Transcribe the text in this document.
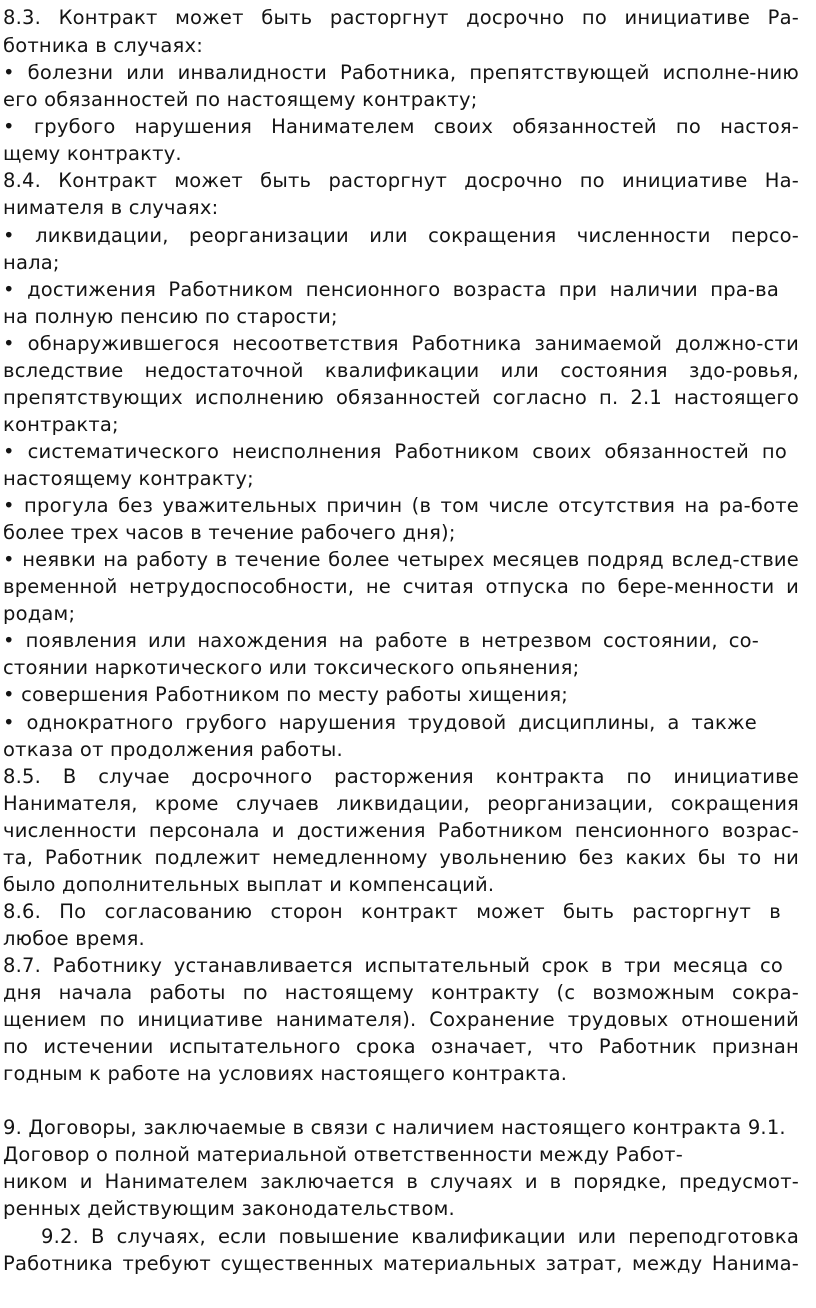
8.3. Контракт может быть расторгнут досрочно по инициативе Ра-
ботника в случаях:
• болезни или инвалидности Работника, препятствующей исполне-нию
его обязанностей по настоящему контракту;
• грубого нарушения Нанимателем своих обязанностей по настоя-
щему контракту.
8.4. Контракт может быть расторгнут досрочно по инициативе На-
нимателя в случаях:
• ликвидации, реорганизации или сокращения численности персо-
нала;
• достижения Работником пенсионного возраста при наличии пра-ва
на полную пенсию по старости;
• обнаружившегося несоответствия Работника занимаемой должно-сти
вследствие недостаточной квалификации или состояния здо-ровья,
препятствующих исполнению обязанностей согласно п. 2.1 настоящего
контракта;
• систематического неисполнения Работником своих обязанностей по
настоящему контракту;
• прогула без уважительных причин (в том числе отсутствия на ра-боте
более трех часов в течение рабочего дня);
• неявки на работу в течение более четырех месяцев подряд вслед-ствие
временной нетрудоспособности, не считая отпуска по бере-менности и
родам;
• появления или нахождения на работе в нетрезвом состоянии, со-
стоянии наркотического или токсического опьянения;
• совершения Работником по месту работы хищения;
• однократного грубого нарушения трудовой дисциплины, а также
отказа от продолжения работы.
8.5. В случае досрочного расторжения контракта по инициативе
Нанимателя, кроме случаев ликвидации, реорганизации, сокращения
численности персонала и достижения Работником пенсионного возрас-
та, Работник подлежит немедленному увольнению без каких бы то ни
было дополнительных выплат и компенсаций.
8.6. По согласованию сторон контракт может быть расторгнут в
любое время.
8.7. Работнику устанавливается испытательный срок в три месяца со
дня начала работы по настоящему контракту (с возможным сокра-
щением по инициативе нанимателя). Сохранение трудовых отношений
по истечении испытательного срока означает, что Работник признан
годным к работе на условиях настоящего контракта.
9. Договоры, заключаемые в связи с наличием настоящего контракта 9.1.
Договор о полной материальной ответственности между Работ-
ником и Нанимателем заключается в случаях и в порядке, предусмот-
ренных действующим законодательством.
9.2. В случаях, если повышение квалификации или переподготовка
Работника требуют существенных материальных затрат, между Нанима-
